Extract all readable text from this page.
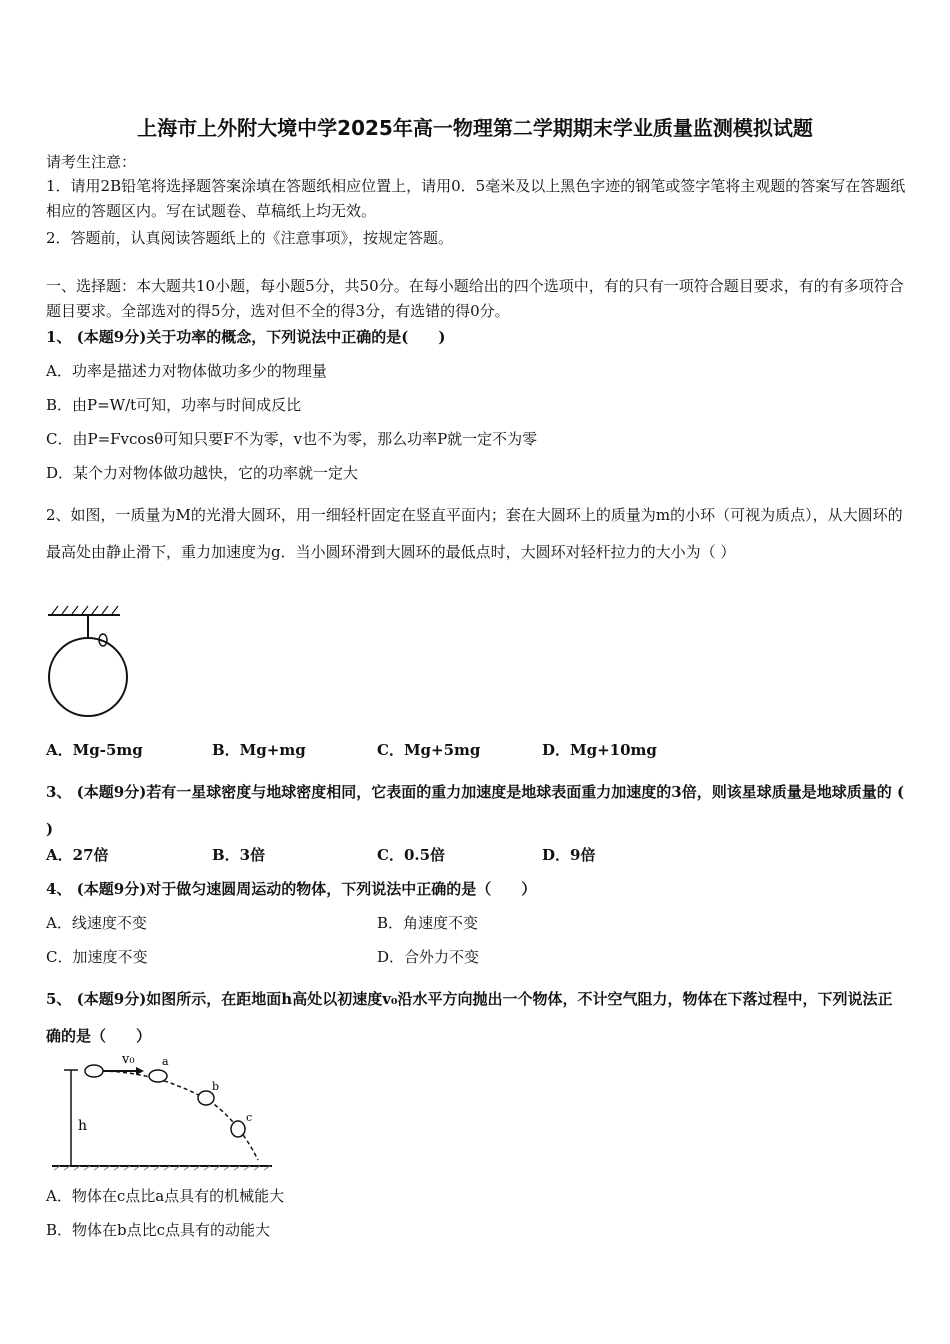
上海市上外附大境中学2025年高一物理第二学期期末学业质量监测模拟试题
请考生注意：
1．请用2B铅笔将选择题答案涂填在答题纸相应位置上，请用0．5毫米及以上黑色字迹的钢笔或签字笔将主观题的答案写在答题纸相应的答题区内。写在试题卷、草稿纸上均无效。
2．答题前，认真阅读答题纸上的《注意事项》，按规定答题。
一、选择题：本大题共10小题，每小题5分，共50分。在每小题给出的四个选项中，有的只有一项符合题目要求，有的有多项符合题目要求。全部选对的得5分，选对但不全的得3分，有选错的得0分。
1、 (本题9分)关于功率的概念，下列说法中正确的是(　　)
A．功率是描述力对物体做功多少的物理量
B．由P=W/t可知，功率与时间成反比
C．由P=Fvcosθ可知只要F不为零，v也不为零，那么功率P就一定不为零
D．某个力对物体做功越快，它的功率就一定大
2、如图，一质量为M的光滑大圆环，用一细轻杆固定在竖直平面内；套在大圆环上的质量为m的小环（可视为质点），从大圆环的最高处由静止滑下，重力加速度为g．当小圆环滑到大圆环的最低点时，大圆环对轻杆拉力的大小为（ ）
A．Mg-5mg	B．Mg+mg	C．Mg+5mg	D．Mg+10mg
3、 (本题9分)若有一星球密度与地球密度相同，它表面的重力加速度是地球表面重力加速度的3倍，则该星球质量是地球质量的 (　 )
A．27倍	B．3倍	C．0.5倍	D．9倍
4、 (本题9分)对于做匀速圆周运动的物体，下列说法中正确的是（　　）
A．线速度不变	B．角速度不变
C．加速度不变	D．合外力不变
5、 (本题9分)如图所示，在距地面h高处以初速度v₀沿水平方向抛出一个物体，不计空气阻力，物体在下落过程中，下列说法正确的是（　　）
h
v₀ a
b
c
A．物体在c点比a点具有的机械能大
B．物体在b点比c点具有的动能大
